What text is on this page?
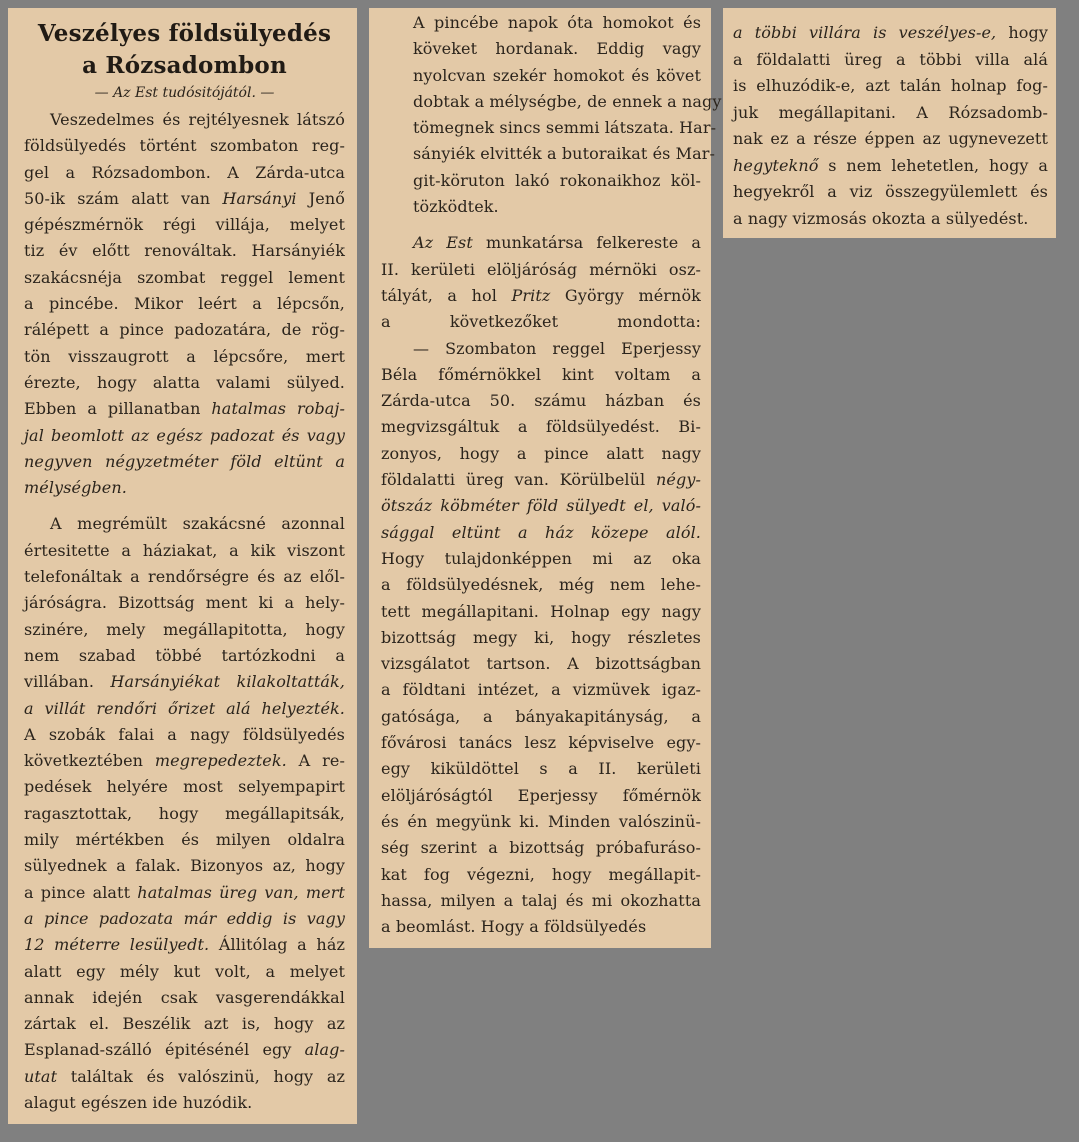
Veszélyes földsülyedés
a Rózsadombon
— Az Est tudósitójától. —
Veszedelmes és rejtélyesnek látszó
földsülyedés történt szombaton reg-
gel a Rózsadombon. A Zárda-utca
50-ik szám alatt van Harsányi Jenő
gépészmérnök régi villája, melyet
tiz év előtt renováltak. Harsányiék
szakácsnéja szombat reggel lement
a pincébe. Mikor leért a lépcsőn,
rálépett a pince padozatára, de rög-
tön visszaugrott a lépcsőre, mert
érezte, hogy alatta valami sülyed.
Ebben a pillanatban hatalmas robaj-
jal beomlott az egész padozat és vagy
negyven négyzetméter föld eltünt a
mélységben.
A megrémült szakácsné azonnal
értesitette a háziakat, a kik viszont
telefonáltak a rendőrségre és az elől-
járóságra. Bizottság ment ki a hely-
szinére, mely megállapitotta, hogy
nem szabad többé tartózkodni a
villában. Harsányiékat kilakoltatták,
a villát rendőri őrizet alá helyezték.
A szobák falai a nagy földsülyedés
következtében megrepedeztek. A re-
pedések helyére most selyempapirt
ragasztottak, hogy megállapitsák,
mily mértékben és milyen oldalra
sülyednek a falak. Bizonyos az, hogy
a pince alatt hatalmas üreg van, mert
a pince padozata már eddig is vagy
12 méterre lesülyedt. Állitólag a ház
alatt egy mély kut volt, a melyet
annak idején csak vasgerendákkal
zártak el. Beszélik azt is, hogy az
Esplanad-szálló épitésénél egy alag-
utat találtak és valószinü, hogy az
alagut egészen ide huzódik.
A pincébe napok óta homokot és
köveket hordanak. Eddig vagy
nyolcvan szekér homokot és követ
dobtak a mélységbe, de ennek a nagy
tömegnek sincs semmi látszata. Har-
sányiék elvitték a butoraikat és Mar-
git-köruton lakó rokonaikhoz köl-
tözködtek.
Az Est munkatársa felkereste a
II. kerületi elöljáróság mérnöki osz-
tályát, a hol Pritz György mérnök
a következőket mondotta:
— Szombaton reggel Eperjessy
Béla főmérnökkel kint voltam a
Zárda-utca 50. számu házban és
megvizsgáltuk a földsülyedést. Bi-
zonyos, hogy a pince alatt nagy
földalatti üreg van. Körülbelül négy-
ötszáz köbméter föld sülyedt el, való-
sággal eltünt a ház közepe alól.
Hogy tulajdonképpen mi az oka
a földsülyedésnek, még nem lehe-
tett megállapitani. Holnap egy nagy
bizottság megy ki, hogy részletes
vizsgálatot tartson. A bizottságban
a földtani intézet, a vizmüvek igaz-
gatósága, a bányakapitányság, a
fővárosi tanács lesz képviselve egy-
egy kiküldöttel s a II. kerületi
elöljáróságtól Eperjessy főmérnök
és én megyünk ki. Minden valószinü-
ség szerint a bizottság próbafuráso-
kat fog végezni, hogy megállapit-
hassa, milyen a talaj és mi okozhatta
a beomlást. Hogy a földsülyedés
a többi villára is veszélyes-e, hogy
a földalatti üreg a többi villa alá
is elhuzódik-e, azt talán holnap fog-
juk megállapitani. A Rózsadomb-
nak ez a része éppen az ugynevezett
hegyteknő s nem lehetetlen, hogy a
hegyekről a viz összegyülemlett és
a nagy vizmosás okozta a sülyedést.
